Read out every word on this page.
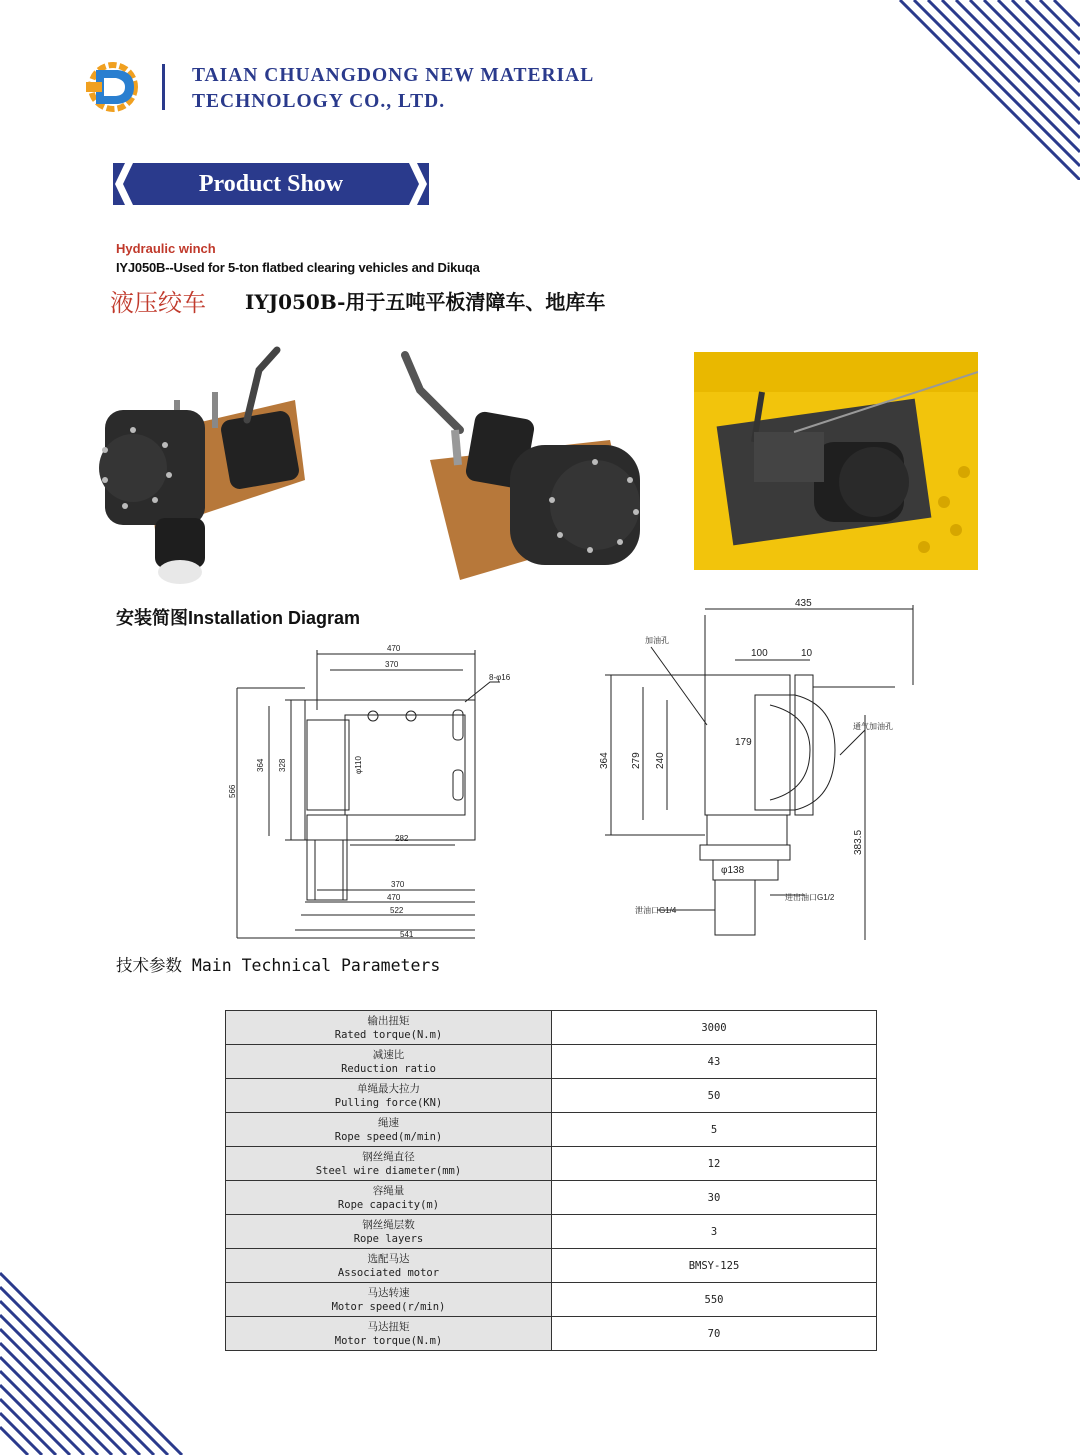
TAIAN CHUANGDONG NEW MATERIAL
TECHNOLOGY CO., LTD.
Product Show
Hydraulic winch
IYJ050B--Used for 5-ton flatbed clearing vehicles and Dikuqa
液压绞车 IYJ050B-用于五吨平板清障车、地库车
安装简图Installation Diagram
470
370
8-φ16
566
364 328	φ110
282
370
470
522
541
435
100	10
加油孔
364 279 240
179
通气加油孔
383.5
φ138
泄油口G1/4
进出油口G1/2
技术参数 Main Technical Parameters
输出扭矩
Rated torque(N.m)	3000

减速比
Reduction ratio	43

单绳最大拉力
Pulling force(KN)	50

绳速
Rope speed(m/min)	5

钢丝绳直径
Steel wire diameter(mm)	12

容绳量
Rope capacity(m)	30

钢丝绳层数
Rope layers	3

选配马达
Associated motor	BMSY-125

马达转速
Motor speed(r/min)	550

马达扭矩
Motor torque(N.m)	70
